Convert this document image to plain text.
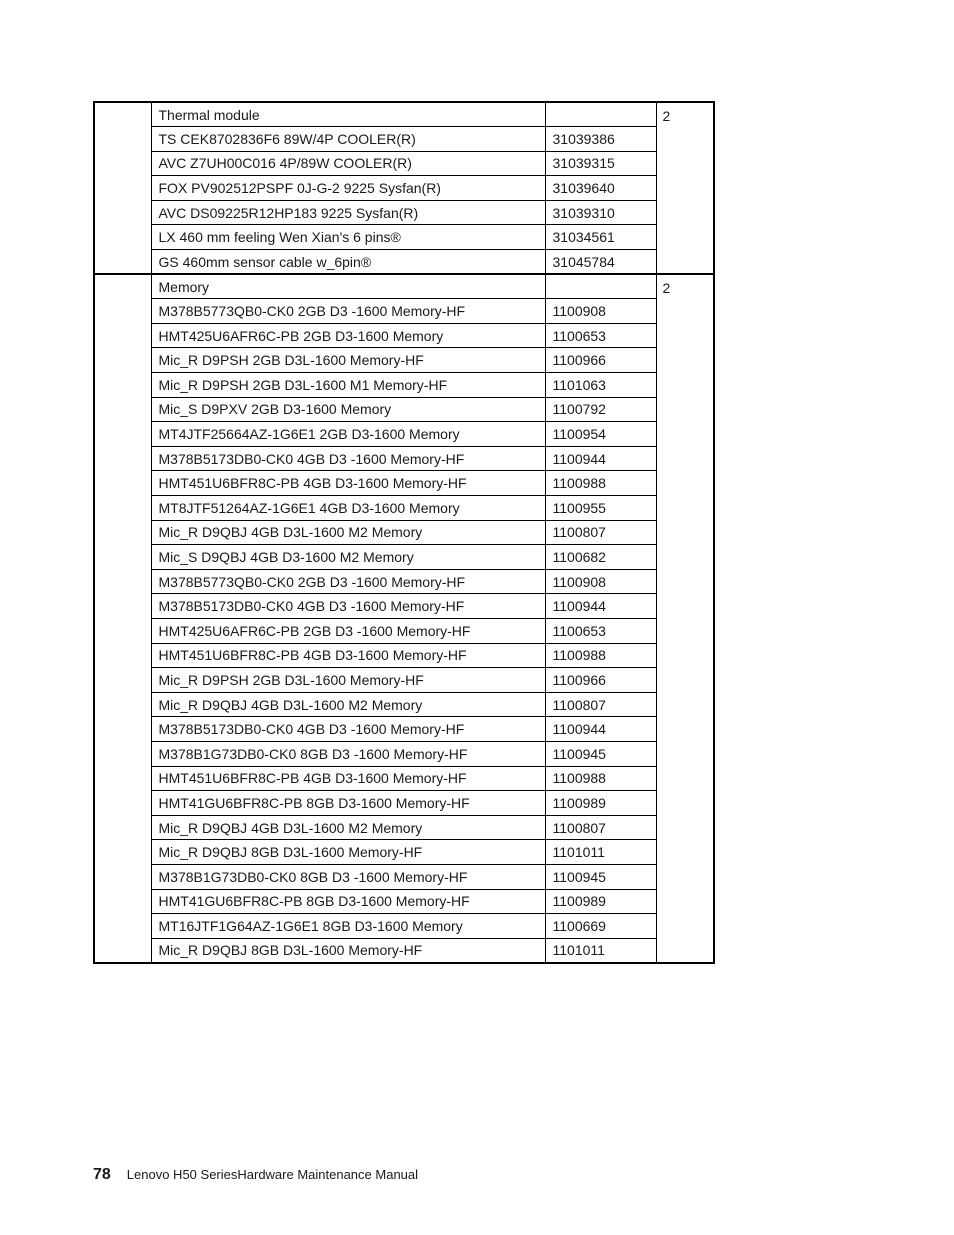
	Thermal module		2
	TS CEK8702836F6 89W/4P COOLER(R)	31039386	
	AVC Z7UH00C016 4P/89W COOLER(R)	31039315	
	FOX PV902512PSPF 0J-G-2 9225 Sysfan(R)	31039640	
	AVC DS09225R12HP183 9225 Sysfan(R)	31039310	
	LX 460 mm feeling Wen Xian's 6 pins®	31034561	
	GS 460mm sensor cable w_6pin®	31045784	
	Memory		2
	M378B5773QB0-CK0 2GB D3 -1600 Memory-HF	1100908	
	HMT425U6AFR6C-PB 2GB D3-1600 Memory	1100653	
	Mic_R D9PSH 2GB D3L-1600 Memory-HF	1100966	
	Mic_R D9PSH 2GB D3L-1600 M1 Memory-HF	1101063	
	Mic_S D9PXV 2GB D3-1600 Memory	1100792	
	MT4JTF25664AZ-1G6E1 2GB D3-1600 Memory	1100954	
	M378B5173DB0-CK0 4GB D3 -1600 Memory-HF	1100944	
	HMT451U6BFR8C-PB 4GB D3-1600 Memory-HF	1100988	
	MT8JTF51264AZ-1G6E1 4GB D3-1600 Memory	1100955	
	Mic_R D9QBJ 4GB D3L-1600 M2 Memory	1100807	
	Mic_S D9QBJ 4GB D3-1600 M2 Memory	1100682	
	M378B5773QB0-CK0 2GB D3 -1600 Memory-HF	1100908	
	M378B5173DB0-CK0 4GB D3 -1600 Memory-HF	1100944	
	HMT425U6AFR6C-PB 2GB D3 -1600 Memory-HF	1100653	
	HMT451U6BFR8C-PB 4GB D3-1600 Memory-HF	1100988	
	Mic_R D9PSH 2GB D3L-1600 Memory-HF	1100966	
	Mic_R D9QBJ 4GB D3L-1600 M2 Memory	1100807	
	M378B5173DB0-CK0 4GB D3 -1600 Memory-HF	1100944	
	M378B1G73DB0-CK0 8GB D3 -1600 Memory-HF	1100945	
	HMT451U6BFR8C-PB 4GB D3-1600 Memory-HF	1100988	
	HMT41GU6BFR8C-PB 8GB D3-1600 Memory-HF	1100989	
	Mic_R D9QBJ 4GB D3L-1600 M2 Memory	1100807	
	Mic_R D9QBJ 8GB D3L-1600 Memory-HF	1101011	
	M378B1G73DB0-CK0 8GB D3 -1600 Memory-HF	1100945	
	HMT41GU6BFR8C-PB 8GB D3-1600 Memory-HF	1100989	
	MT16JTF1G64AZ-1G6E1 8GB D3-1600 Memory	1100669	
	Mic_R D9QBJ 8GB D3L-1600 Memory-HF	1101011	
78 Lenovo H50 SeriesHardware Maintenance Manual
